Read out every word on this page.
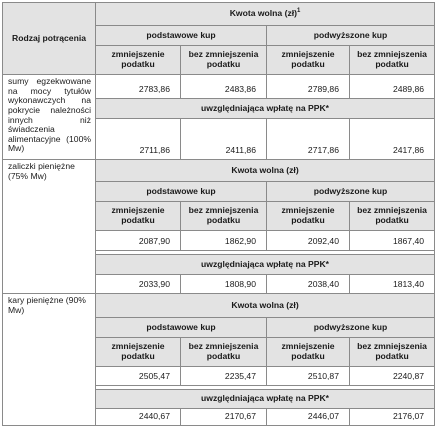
Rodzaj potrącenia	Kwota wolna (zł)$^1$
	podstawowe kup		podwyższone kup	
	zmniejszenie podatku	bez zmniejszenia podatku	zmniejszenie podatku	bez zmniejszenia podatku
sumy egzekwowane na mocy tytułów wykonawczych na pokrycie należności innych niż świadczenia alimentacyjne (100% Mw)	2783,86	2483,86	2789,86	2489,86
	uwzględniająca wpłatę na PPK*			
	2711,86	2411,86	2717,86	2417,86
zaliczki pieniężne (75% Mw)	Kwota wolna (zł)			
	podstawowe kup		podwyższone kup	
	zmniejszenie podatku	bez zmniejszenia podatku	zmniejszenie podatku	bez zmniejszenia podatku
	2087,90	1862,90	2092,40	1867,40

	uwzględniająca wpłatę na PPK*			
	2033,90	1808,90	2038,40	1813,40
kary pieniężne (90% Mw)	Kwota wolna (zł)			
	podstawowe kup		podwyższone kup	
	zmniejszenie podatku	bez zmniejszenia podatku	zmniejszenie podatku	bez zmniejszenia podatku
	2505,47	2235,47	2510,87	2240,87

	uwzględniająca wpłatę na PPK*			
	2440,67	2170,67	2446,07	2176,07
